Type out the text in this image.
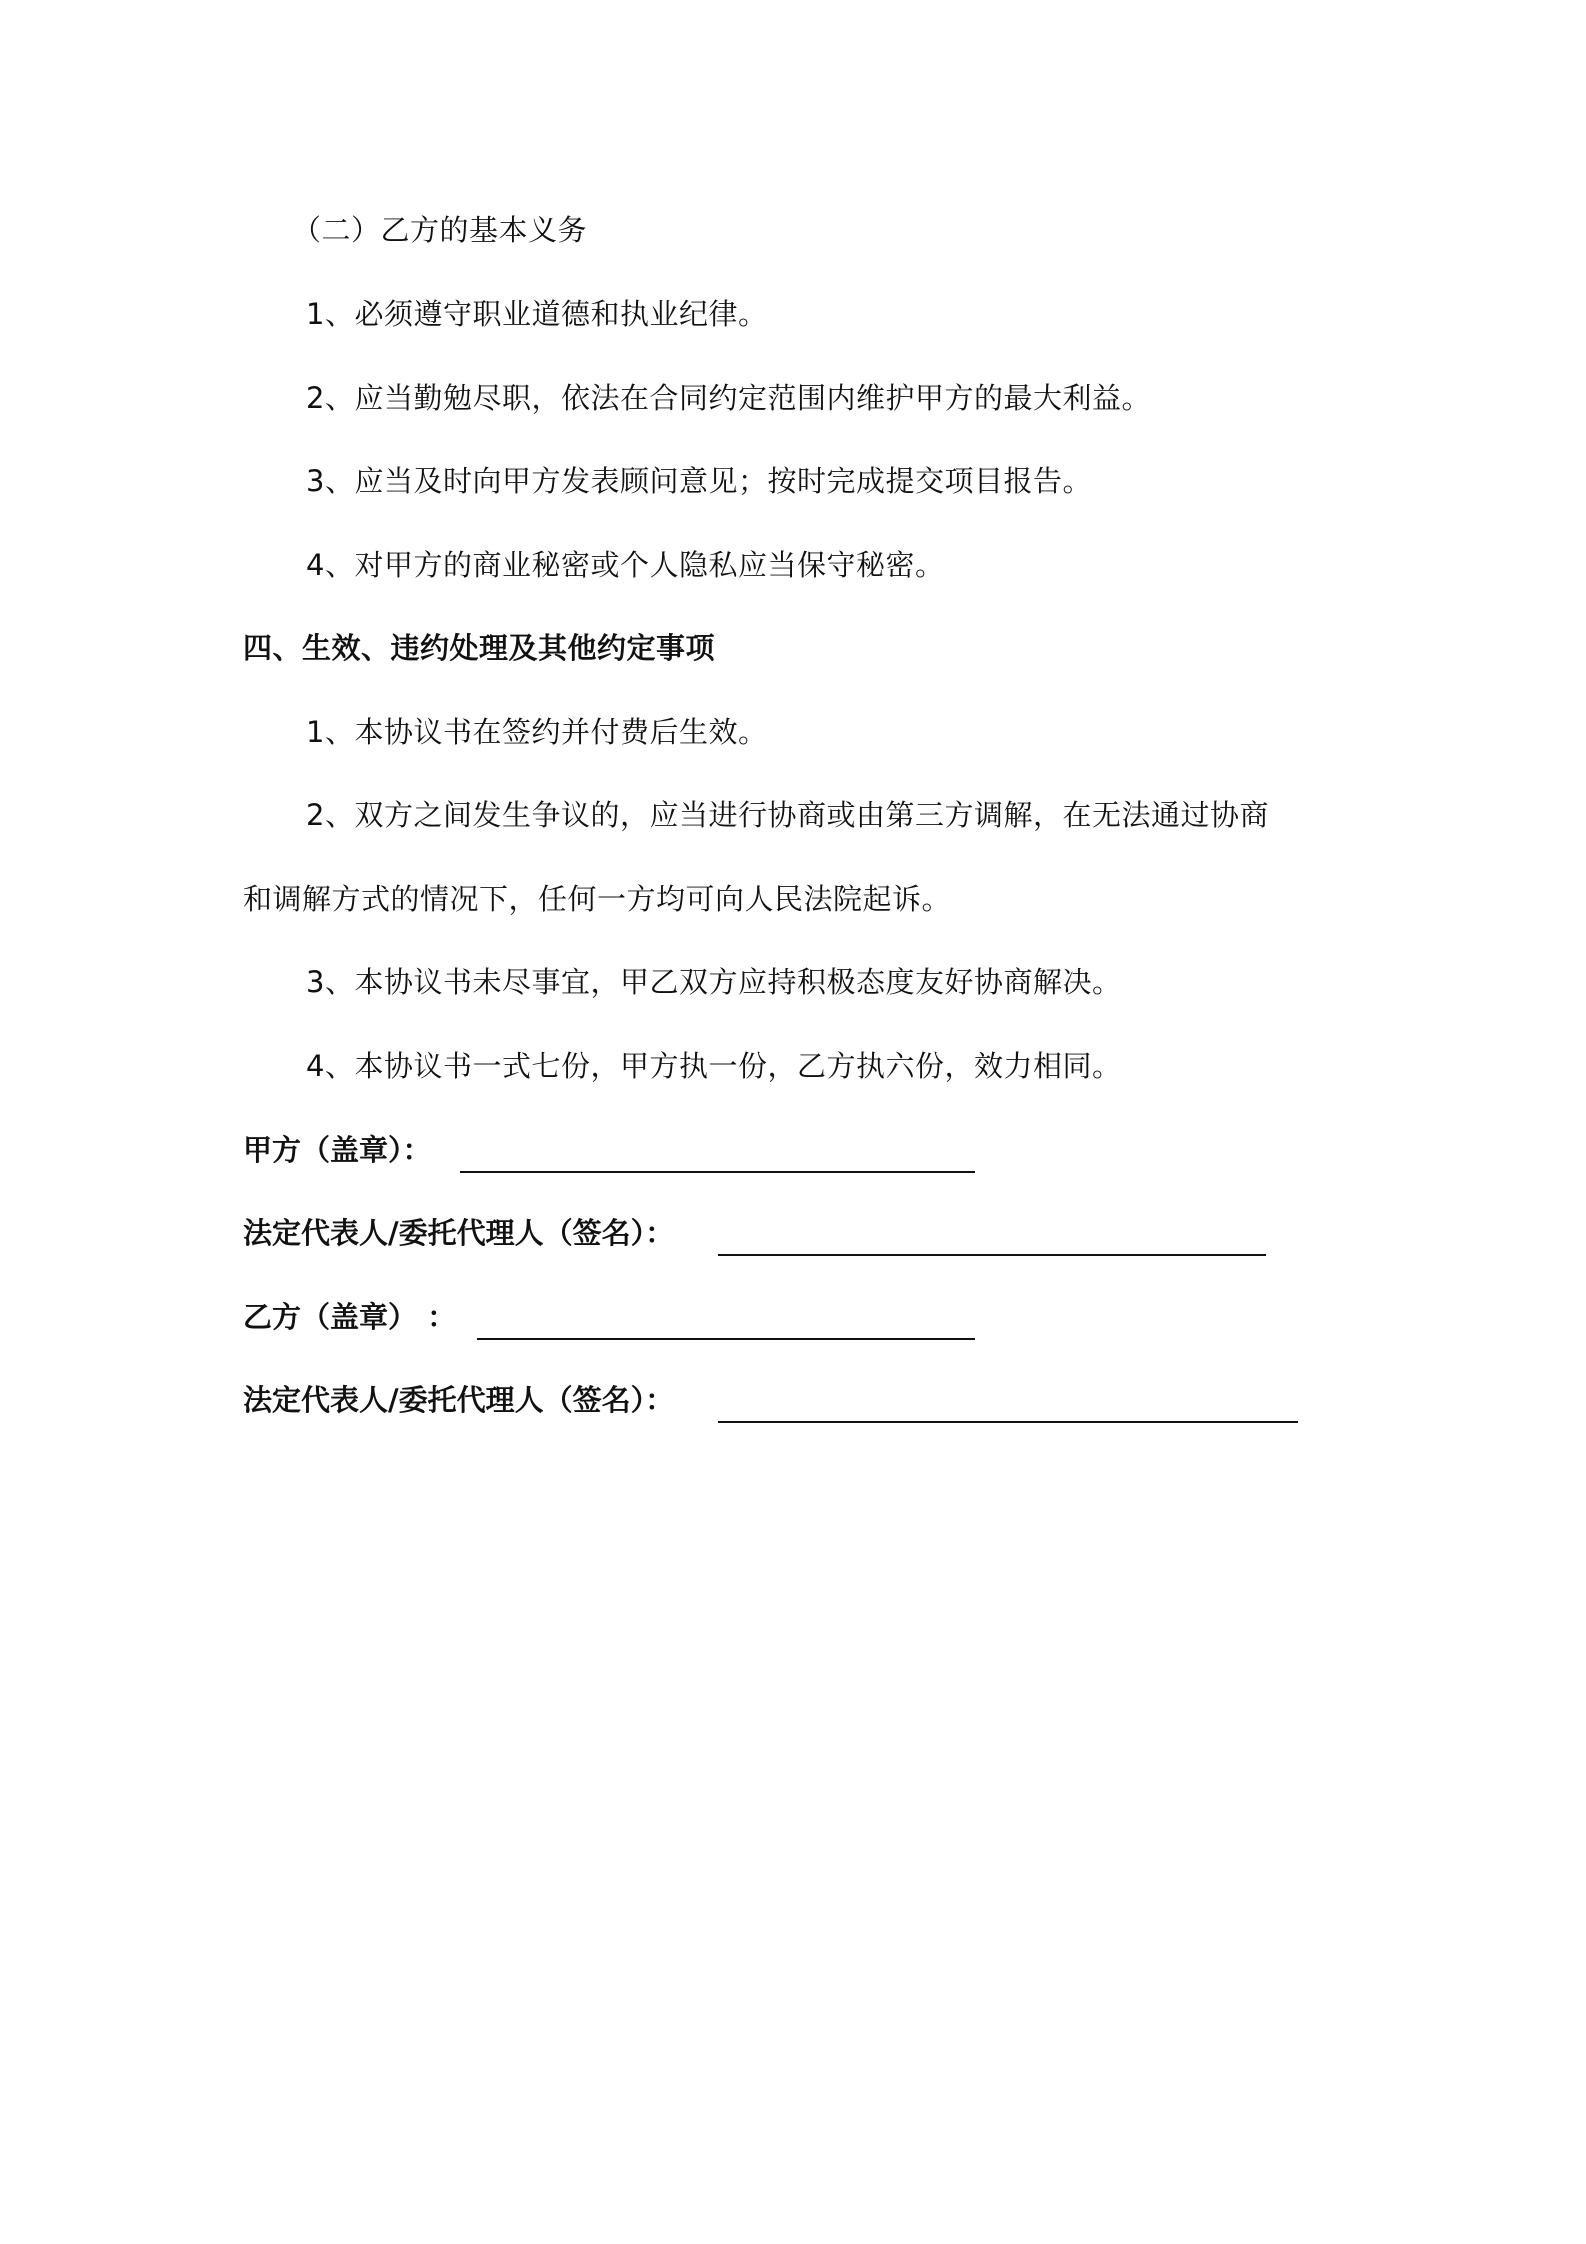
（二）乙方的基本义务
1、必须遵守职业道德和执业纪律。
2、应当勤勉尽职，依法在合同约定范围内维护甲方的最大利益。
3、应当及时向甲方发表顾问意见；按时完成提交项目报告。
4、对甲方的商业秘密或个人隐私应当保守秘密。
四、生效、违约处理及其他约定事项
1、本协议书在签约并付费后生效。
2、双方之间发生争议的，应当进行协商或由第三方调解，在无法通过协商
和调解方式的情况下，任何一方均可向人民法院起诉。
3、本协议书未尽事宜，甲乙双方应持积极态度友好协商解决。
4、本协议书一式七份，甲方执一份，乙方执六份，效力相同。
甲方（盖章）：
法定代表人/委托代理人（签名）：
乙方（盖章） ：
法定代表人/委托代理人（签名）：
